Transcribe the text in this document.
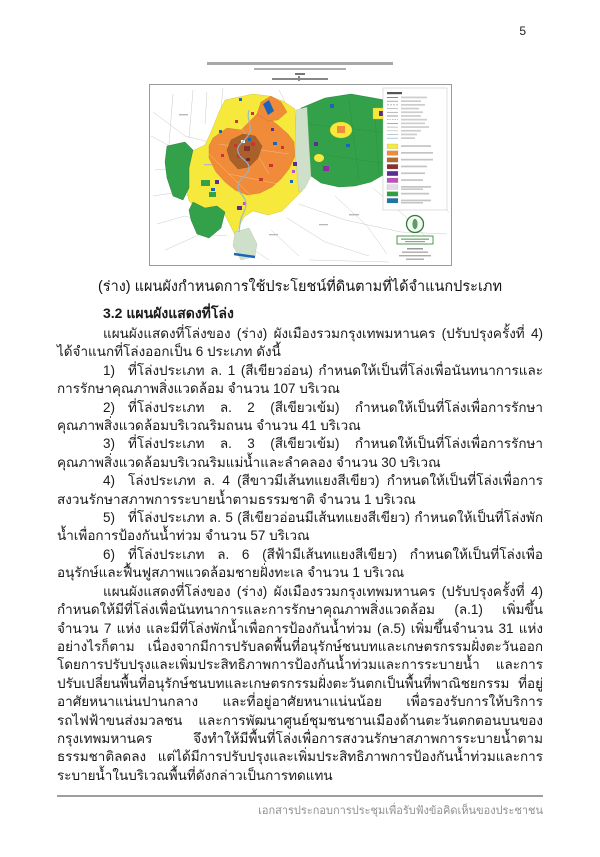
5
(ร่าง) แผนผังกำหนดการใช้ประโยชน์ที่ดินตามที่ได้จำแนกประเภท
3.2 แผนผังแสดงที่โล่ง

แผนผังแสดงที่โล่งของ (ร่าง) ผังเมืองรวมกรุงเทพมหานคร (ปรับปรุงครั้งที่ 4) ได้จำแนกที่โล่งออกเป็น 6 ประเภท ดังนี้

1) ที่โล่งประเภท ล. 1 (สีเขียวอ่อน) กำหนดให้เป็นที่โล่งเพื่อนันทนาการและการรักษาคุณภาพสิ่งแวดล้อม จำนวน 107 บริเวณ

2) ที่โล่งประเภท ล. 2 (สีเขียวเข้ม) กำหนดให้เป็นที่โล่งเพื่อการรักษาคุณภาพสิ่งแวดล้อมบริเวณริมถนน จำนวน 41 บริเวณ

3) ที่โล่งประเภท ล. 3 (สีเขียวเข้ม) กำหนดให้เป็นที่โล่งเพื่อการรักษาคุณภาพสิ่งแวดล้อมบริเวณริมแม่น้ำและลำคลอง จำนวน 30 บริเวณ

4) โล่งประเภท ล. 4 (สีขาวมีเส้นทแยงสีเขียว) กำหนดให้เป็นที่โล่งเพื่อการสงวนรักษาสภาพการระบายน้ำตามธรรมชาติ จำนวน 1 บริเวณ

5) ที่โล่งประเภท ล. 5 (สีเขียวอ่อนมีเส้นทแยงสีเขียว) กำหนดให้เป็นที่โล่งพักน้ำเพื่อการป้องกันน้ำท่วม จำนวน 57 บริเวณ

6) ที่โล่งประเภท ล. 6 (สีฟ้ามีเส้นทแยงสีเขียว) กำหนดให้เป็นที่โล่งเพื่ออนุรักษ์และฟื้นฟูสภาพแวดล้อมชายฝั่งทะเล จำนวน 1 บริเวณ

แผนผังแสดงที่โล่งของ (ร่าง) ผังเมืองรวมกรุงเทพมหานคร (ปรับปรุงครั้งที่ 4) กำหนดให้มีที่โล่งเพื่อนันทนาการและการรักษาคุณภาพสิ่งแวดล้อม (ล.1) เพิ่มขึ้นจำนวน 7 แห่ง และมีที่โล่งพักน้ำเพื่อการป้องกันน้ำท่วม (ล.5) เพิ่มขึ้นจำนวน 31 แห่ง อย่างไรก็ตาม เนื่องจากมีการปรับลดพื้นที่อนุรักษ์ชนบทและเกษตรกรรมฝั่งตะวันออกโดยการปรับปรุงและเพิ่มประสิทธิภาพการป้องกันน้ำท่วมและการระบายน้ำ และการปรับเปลี่ยนพื้นที่อนุรักษ์ชนบทและเกษตรกรรมฝั่งตะวันตกเป็นพื้นที่พาณิชยกรรม ที่อยู่อาศัยหนาแน่นปานกลาง และที่อยู่อาศัยหนาแน่นน้อย เพื่อรองรับการให้บริการรถไฟฟ้าขนส่งมวลชน และการพัฒนาศูนย์ชุมชนชานเมืองด้านตะวันตกตอนบนของกรุงเทพมหานคร จึงทำให้มีพื้นที่โล่งเพื่อการสงวนรักษาสภาพการระบายน้ำตามธรรมชาติลดลง แต่ได้มีการปรับปรุงและเพิ่มประสิทธิภาพการป้องกันน้ำท่วมและการระบายน้ำในบริเวณพื้นที่ดังกล่าวเป็นการทดแทน

เอกสารประกอบการประชุมเพื่อรับฟังข้อคิดเห็นของประชาชน
